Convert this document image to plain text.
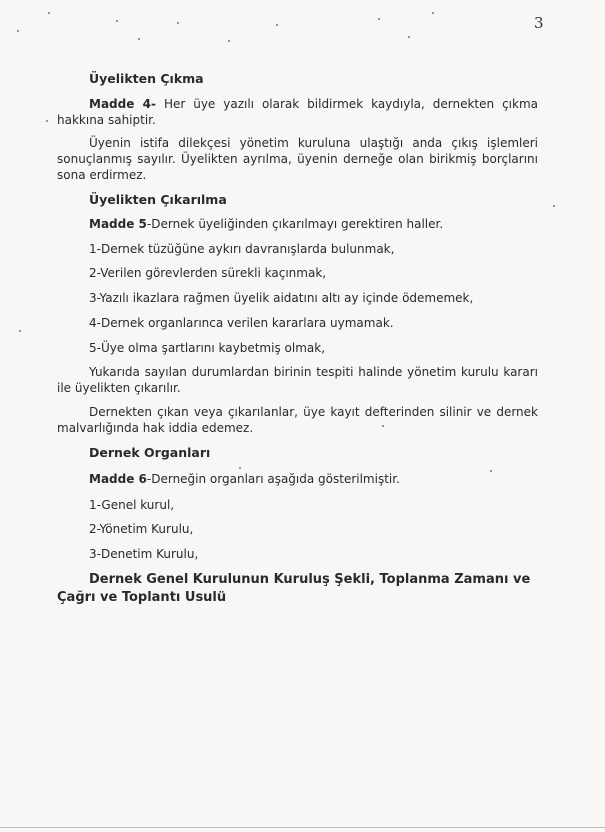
3
Üyelikten Çıkma
Madde 4- Her üye yazılı olarak bildirmek kaydıyla, dernekten çıkma hakkına sahiptir.
Üyenin istifa dilekçesi yönetim kuruluna ulaştığı anda çıkış işlemleri sonuçlanmış sayılır. Üyelikten ayrılma, üyenin derneğe olan birikmiş borçlarını sona erdirmez.
Üyelikten Çıkarılma
Madde 5-Dernek üyeliğinden çıkarılmayı gerektiren haller.
1-Dernek tüzüğüne aykırı davranışlarda bulunmak,
2-Verilen görevlerden sürekli kaçınmak,
3-Yazılı ikazlara rağmen üyelik aidatını altı ay içinde ödememek,
4-Dernek organlarınca verilen kararlara uymamak.
5-Üye olma şartlarını kaybetmiş olmak,
Yukarıda sayılan durumlardan birinin tespiti halinde yönetim kurulu kararı ile üyelikten çıkarılır.
Dernekten çıkan veya çıkarılanlar, üye kayıt defterinden silinir ve dernek malvarlığında hak iddia edemez.
Dernek Organları
Madde 6-Derneğin organları aşağıda gösterilmiştir.
1-Genel kurul,
2-Yönetim Kurulu,
3-Denetim Kurulu,
Dernek Genel Kurulunun Kuruluş Şekli, Toplanma Zamanı ve Çağrı ve Toplantı Usulü
